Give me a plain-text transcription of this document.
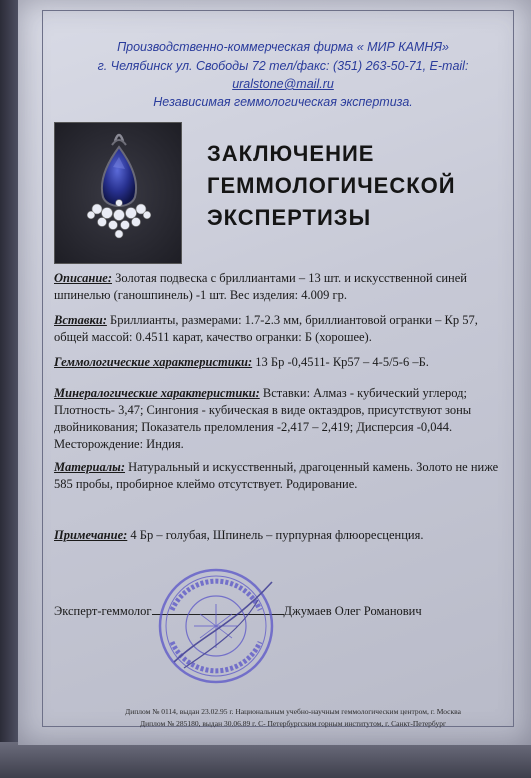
Производственно-коммерческая фирма « МИР КАМНЯ»
г. Челябинск ул. Свободы 72 тел/факс: (351) 263-50-71, E-mail:
uralstone@mail.ru
Независимая геммологическая экспертиза.
ЗАКЛЮЧЕНИЕ
ГЕММОЛОГИЧЕСКОЙ
ЭКСПЕРТИЗЫ

Описание: Золотая подвеска с бриллиантами – 13 шт. и искусственной синей шпинелью (ганошпинель) -1 шт. Вес изделия: 4.009 гр.

Вставки: Бриллианты, размерами: 1.7-2.3 мм, бриллиантовой огранки – Кр 57, общей массой: 0.4511 карат, качество огранки: Б (хорошее).

Геммологические характеристики: 13 Бр -0,4511- Кр57 – 4-5/5-6 –Б.

Минералогические характеристики: Вставки: Алмаз - кубический углерод; Плотность- 3,47; Сингония - кубическая в виде октаэдров, присутствуют зоны двойникования; Показатель преломления -2,417 – 2,419; Дисперсия -0,044. Месторождение: Индия.

Материалы: Натуральный и искусственный, драгоценный камень. Золото не ниже 585 пробы, пробирное клеймо отсутствует. Родирование.

Примечание: 4 Бр – голубая, Шпинель – пурпурная флюоресценция.

Эксперт-геммолог	Джумаев Олег Романович
Диплом № 0114, выдан 23.02.95 г. Национальным учебно-научным геммологическим центром, г. Москва
Диплом № 285180, выдан 30.06.89 г. С- Петербургским горным институтом, г. Санкт-Петербург
